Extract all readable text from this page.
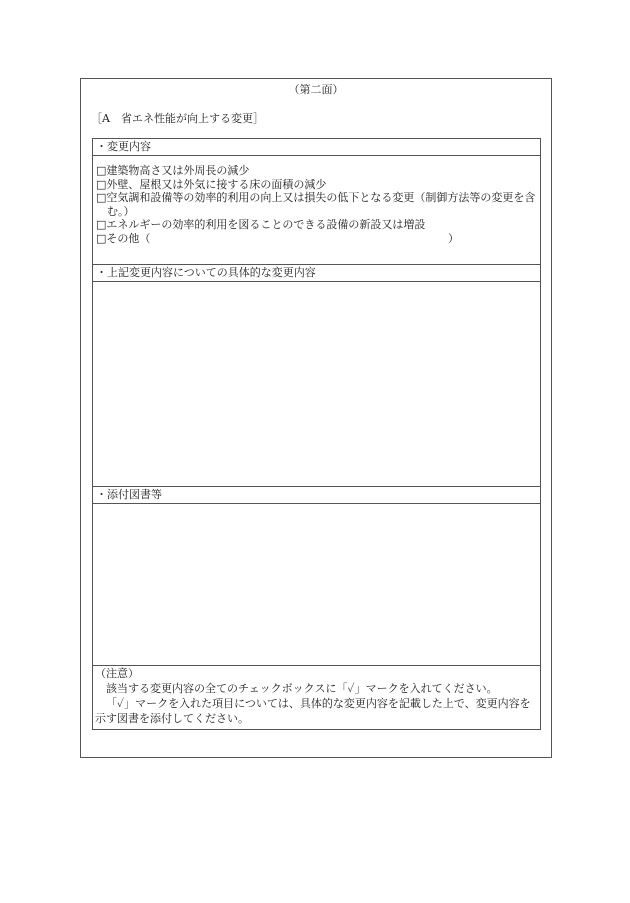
（第二面）
［A　省エネ性能が向上する変更］
・変更内容
□建築物高さ又は外周長の減少
□外壁、屋根又は外気に接する床の面積の減少
□空気調和設備等の効率的利用の向上又は損失の低下となる変更（制御方法等の変更を含む。）
□エネルギーの効率的利用を図ることのできる設備の新設又は増設
□その他（	）
・上記変更内容についての具体的な変更内容
・添付図書等

（注意）

該当する変更内容の全てのチェックボックスに「✓」マークを入れてください。

「✓」マークを入れた項目については、具体的な変更内容を記載した上で、変更内容を示す図書を添付してください。
